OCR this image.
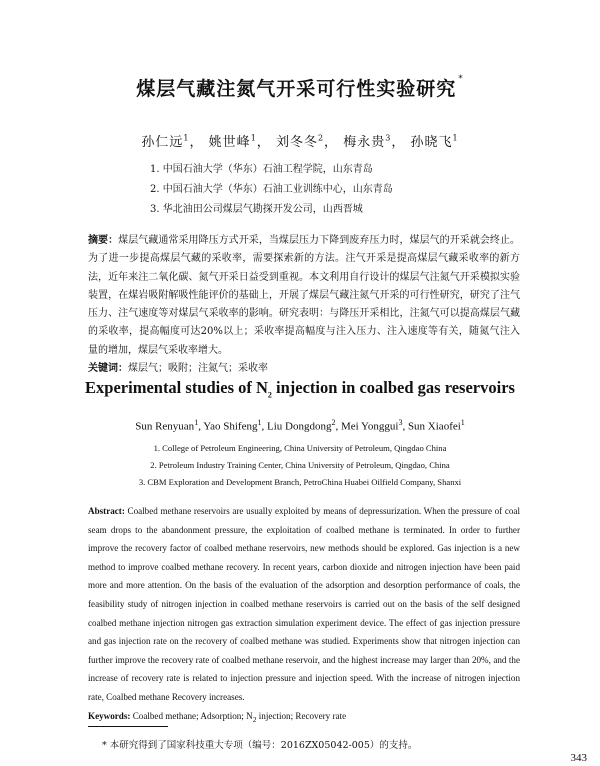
煤层气藏注氮气开采可行性实验研究 *
孙仁远$^1$， 姚世峰$^1$， 刘冬冬$^2$， 梅永贵$^3$， 孙晓飞$^1$
1. 中国石油大学（华东）石油工程学院，山东青岛
2. 中国石油大学（华东）石油工业训练中心，山东青岛
3. 华北油田公司煤层气勘探开发公司，山西晋城
摘要：煤层气藏通常采用降压方式开采，当煤层压力下降到废弃压力时，煤层气的开采就会终止。为了进一步提高煤层气藏的采收率，需要探索新的方法。注气开采是提高煤层气藏采收率的新方法，近年来注二氧化碳、氮气开采日益受到重视。本文利用自行设计的煤层气注氮气开采模拟实验装置，在煤岩吸附解吸性能评价的基础上，开展了煤层气藏注氮气开采的可行性研究，研究了注气压力、注气速度等对煤层气采收率的影响。研究表明：与降压开采相比，注氮气可以提高煤层气藏的采收率，提高幅度可达20%以上；采收率提高幅度与注入压力、注入速度等有关，随氮气注入量的增加，煤层气采收率增大。
关键词：煤层气；吸附；注氮气；采收率
Experimental studies of $N_2$ injection in coalbed gas reservoirs
Sun Renyuan$^1$, Yao Shifeng$^1$, Liu Dongdong$^2$, Mei Yonggui$^3$, Sun Xiaofei$^1$
1. College of Petroleum Engineering, China University of Petroleum, Qingdao China
2. Petroleum Industry Training Center, China University of Petroleum, Qingdao, China
3. CBM Exploration and Development Branch, PetroChina Huabei Oilfield Company, Shanxi
Abstract: Coalbed methane reservoirs are usually exploited by means of depressurization. When the pressure of coal seam drops to the abandonment pressure, the exploitation of coalbed methane is terminated. In order to further improve the recovery factor of coalbed methane reservoirs, new methods should be explored. Gas injection is a new method to improve coalbed methane recovery. In recent years, carbon dioxide and nitrogen injection have been paid more and more attention. On the basis of the evaluation of the adsorption and desorption performance of coals, the feasibility study of nitrogen injection in coalbed methane reservoirs is carried out on the basis of the self designed coalbed methane injection nitrogen gas extraction simulation experiment device. The effect of gas injection pressure and gas injection rate on the recovery of coalbed methane was studied. Experiments show that nitrogen injection can further improve the recovery rate of coalbed methane reservoir, and the highest increase may larger than 20%, and the increase of recovery rate is related to injection pressure and injection speed. With the increase of nitrogen injection rate, Coalbed methane Recovery increases.
Keywords: Coalbed methane; Adsorption; $N_2$ injection; Recovery rate
* 本研究得到了国家科技重大专项（编号：2016ZX05042-005）的支持。
343
